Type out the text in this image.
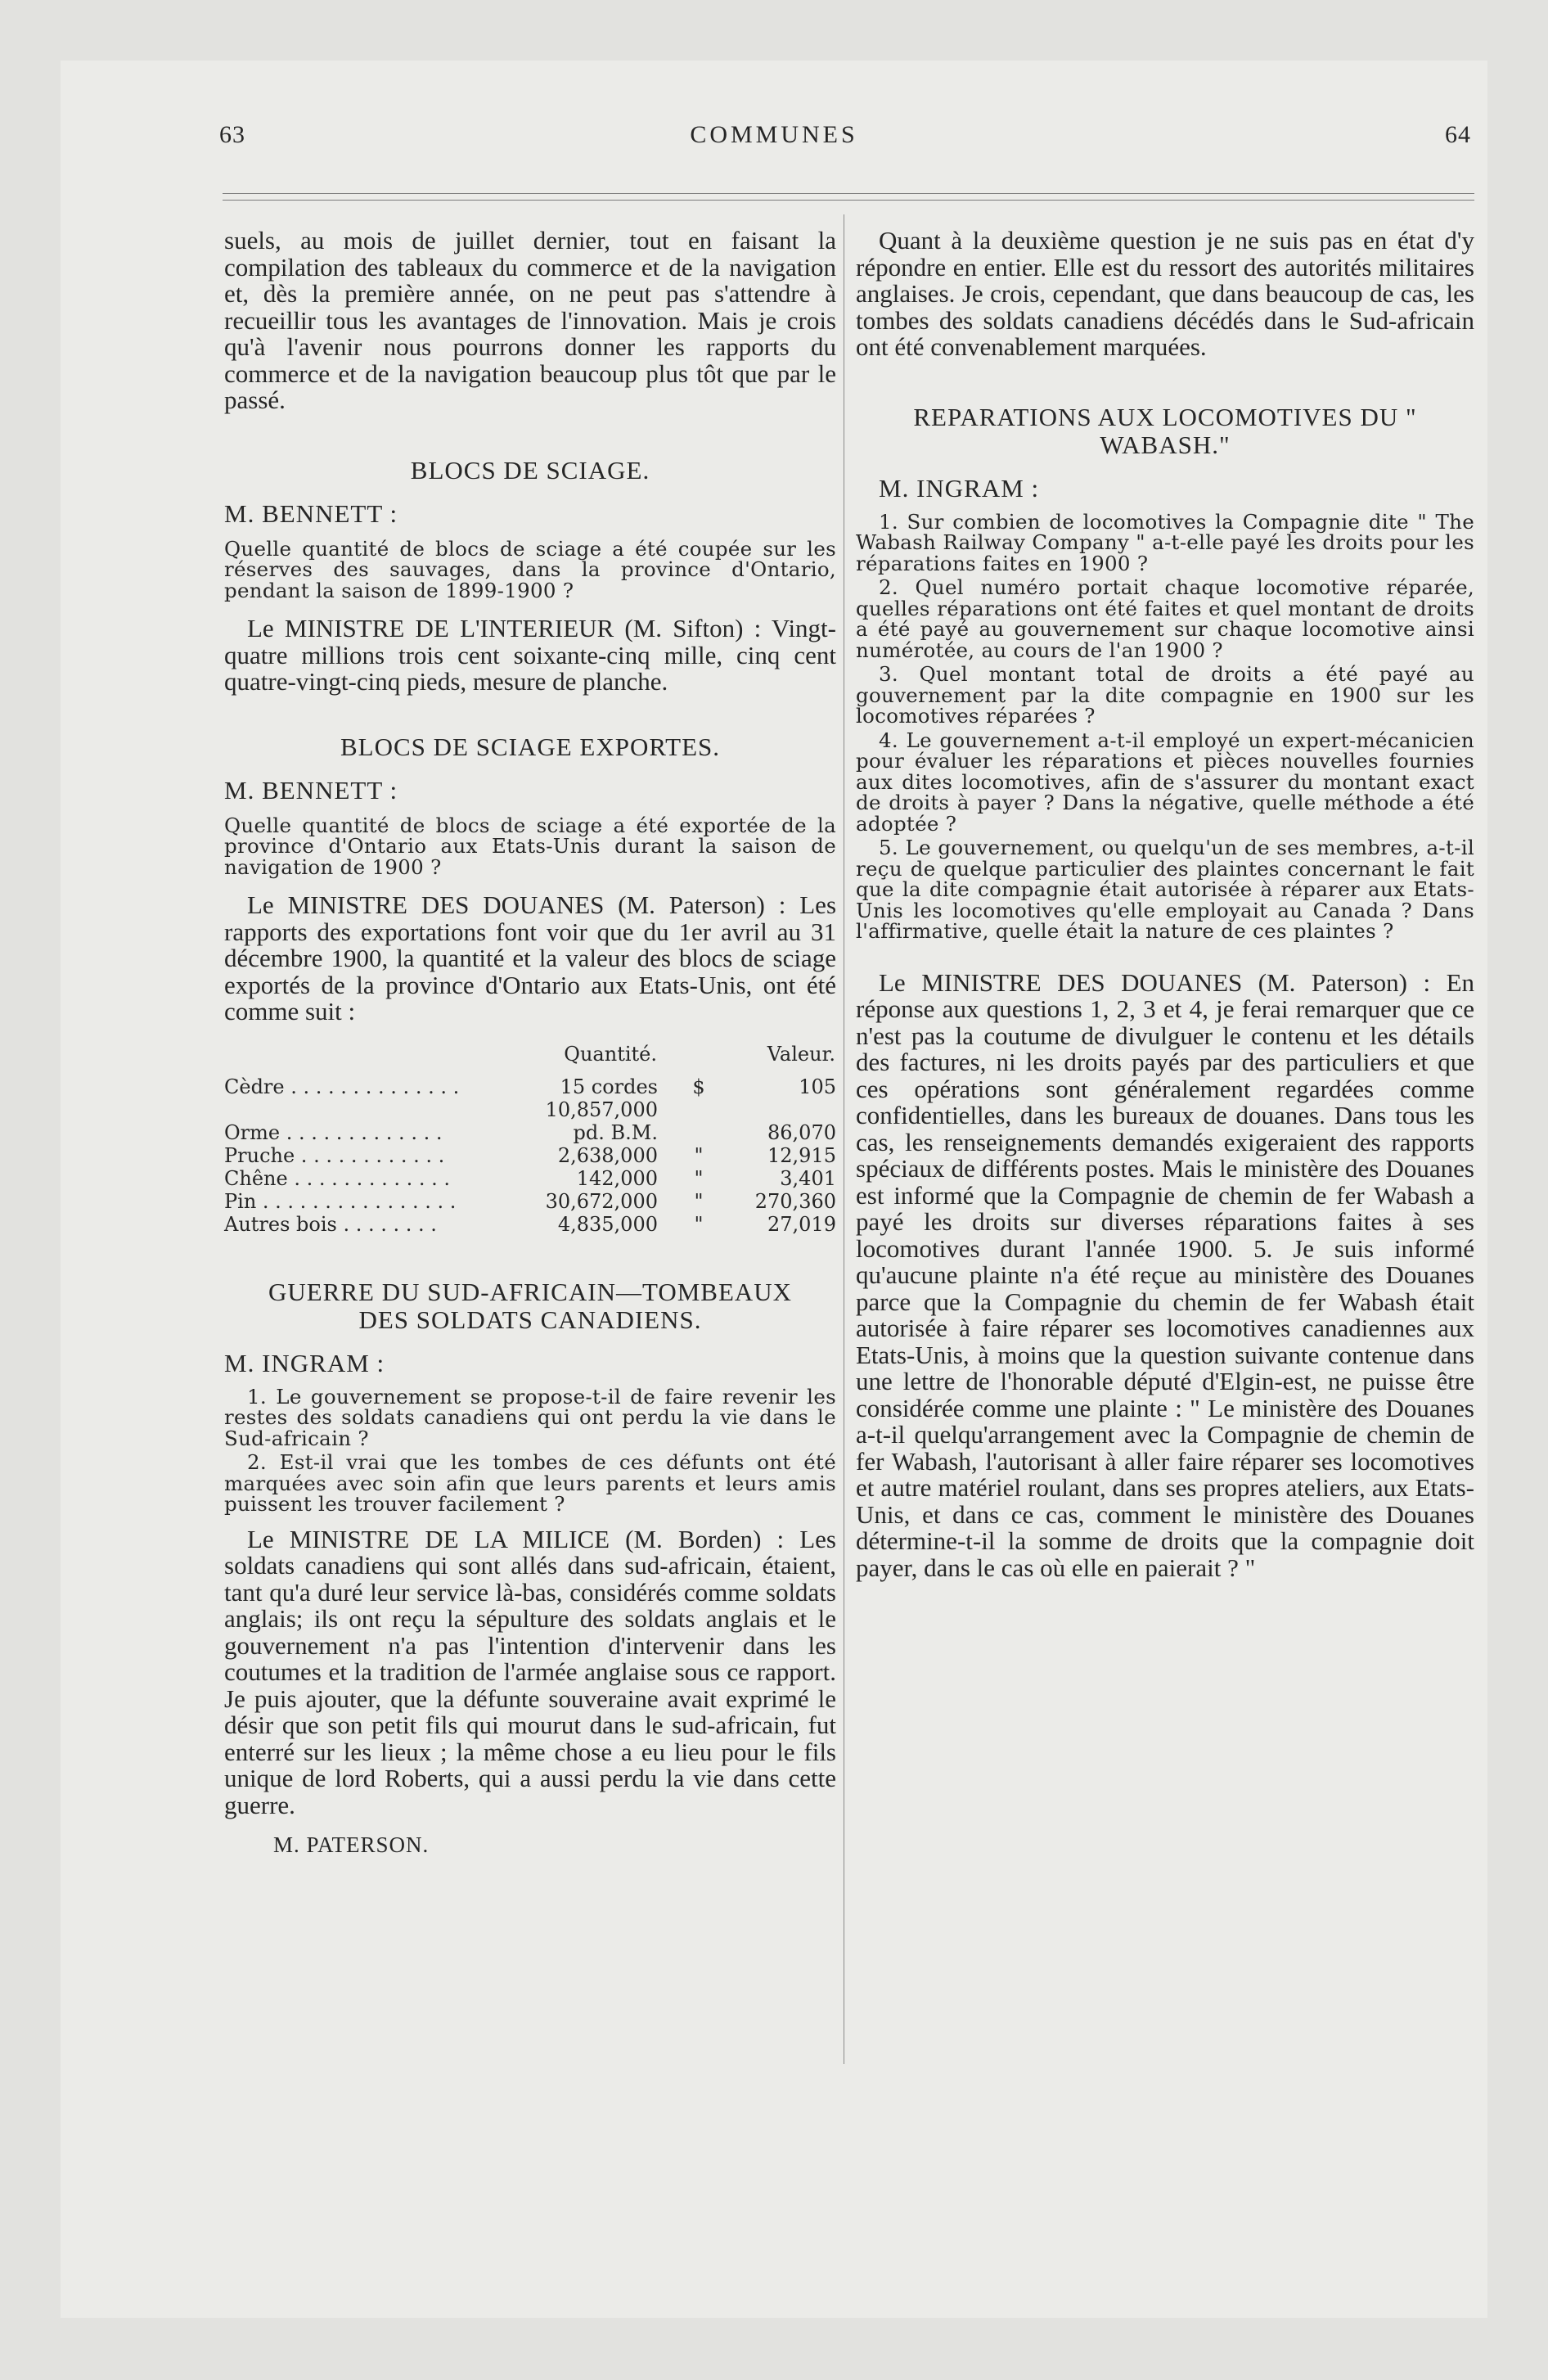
63	COMMUNES	64

suels, au mois de juillet dernier, tout en faisant la compilation des tableaux du commerce et de la navigation et, dès la première année, on ne peut pas s'attendre à recueillir tous les avantages de l'innovation. Mais je crois qu'à l'avenir nous pourrons donner les rapports du commerce et de la navigation beaucoup plus tôt que par le passé.

BLOCS DE SCIAGE.

M. BENNETT :

Quelle quantité de blocs de sciage a été coupée sur les réserves des sauvages, dans la province d'Ontario, pendant la saison de 1899-1900 ?

Le MINISTRE DE L'INTERIEUR (M. Sifton) : Vingt-quatre millions trois cent soixante-cinq mille, cinq cent quatre-vingt-cinq pieds, mesure de planche.

BLOCS DE SCIAGE EXPORTES.

M. BENNETT :

Quelle quantité de blocs de sciage a été exportée de la province d'Ontario aux Etats-Unis durant la saison de navigation de 1900 ?

Le MINISTRE DES DOUANES (M. Paterson) : Les rapports des exportations font voir que du 1er avril au 31 décembre 1900, la quantité et la valeur des blocs de sciage exportés de la province d'Ontario aux Etats-Unis, ont été comme suit :

	Quantité.	Valeur.	
Cèdre . . . . . . . . . . . . . .	15 cordes	$	105
Orme . . . . . . . . . . . . .	10,857,000 pd. B.M.		86,070
Pruche . . . . . . . . . . . .	2,638,000	"	12,915
Chêne . . . . . . . . . . . . .	142,000	"	3,401
Pin . . . . . . . . . . . . . . . .	30,672,000	"	270,360
Autres bois . . . . . . . .	4,835,000	"	27,019

GUERRE DU SUD-AFRICAIN—TOMBEAUX DES SOLDATS CANADIENS.

M. INGRAM :

1. Le gouvernement se propose-t-il de faire revenir les restes des soldats canadiens qui ont perdu la vie dans le Sud-africain ?

2. Est-il vrai que les tombes de ces défunts ont été marquées avec soin afin que leurs parents et leurs amis puissent les trouver facilement ?

Le MINISTRE DE LA MILICE (M. Borden) : Les soldats canadiens qui sont allés dans sud-africain, étaient, tant qu'a duré leur service là-bas, considérés comme soldats anglais; ils ont reçu la sépulture des soldats anglais et le gouvernement n'a pas l'intention d'intervenir dans les coutumes et la tradition de l'armée anglaise sous ce rapport. Je puis ajouter, que la défunte souveraine avait exprimé le désir que son petit fils qui mourut dans le sud-africain, fut enterré sur les lieux ; la même chose a eu lieu pour le fils unique de lord Roberts, qui a aussi perdu la vie dans cette guerre.

M. PATERSON.

Quant à la deuxième question je ne suis pas en état d'y répondre en entier. Elle est du ressort des autorités militaires anglaises. Je crois, cependant, que dans beaucoup de cas, les tombes des soldats canadiens décédés dans le Sud-africain ont été convenablement marquées.

REPARATIONS AUX LOCOMOTIVES DU " WABASH."

M. INGRAM :

1. Sur combien de locomotives la Compagnie dite " The Wabash Railway Company " a-t-elle payé les droits pour les réparations faites en 1900 ?

2. Quel numéro portait chaque locomotive réparée, quelles réparations ont été faites et quel montant de droits a été payé au gouvernement sur chaque locomotive ainsi numérotée, au cours de l'an 1900 ?

3. Quel montant total de droits a été payé au gouvernement par la dite compagnie en 1900 sur les locomotives réparées ?

4. Le gouvernement a-t-il employé un expert-mécanicien pour évaluer les réparations et pièces nouvelles fournies aux dites locomotives, afin de s'assurer du montant exact de droits à payer ? Dans la négative, quelle méthode a été adoptée ?

5. Le gouvernement, ou quelqu'un de ses membres, a-t-il reçu de quelque particulier des plaintes concernant le fait que la dite compagnie était autorisée à réparer aux Etats-Unis les locomotives qu'elle employait au Canada ? Dans l'affirmative, quelle était la nature de ces plaintes ?

Le MINISTRE DES DOUANES (M. Paterson) : En réponse aux questions 1, 2, 3 et 4, je ferai remarquer que ce n'est pas la coutume de divulguer le contenu et les détails des factures, ni les droits payés par des particuliers et que ces opérations sont généralement regardées comme confidentielles, dans les bureaux de douanes. Dans tous les cas, les renseignements demandés exigeraient des rapports spéciaux de différents postes. Mais le ministère des Douanes est informé que la Compagnie de chemin de fer Wabash a payé les droits sur diverses réparations faites à ses locomotives durant l'année 1900. 5. Je suis informé qu'aucune plainte n'a été reçue au ministère des Douanes parce que la Compagnie du chemin de fer Wabash était autorisée à faire réparer ses locomotives canadiennes aux Etats-Unis, à moins que la question suivante contenue dans une lettre de l'honorable député d'Elgin-est, ne puisse être considérée comme une plainte : " Le ministère des Douanes a-t-il quelqu'arrangement avec la Compagnie de chemin de fer Wabash, l'autorisant à aller faire réparer ses locomotives et autre matériel roulant, dans ses propres ateliers, aux Etats-Unis, et dans ce cas, comment le ministère des Douanes détermine-t-il la somme de droits que la compagnie doit payer, dans le cas où elle en paierait ? "
